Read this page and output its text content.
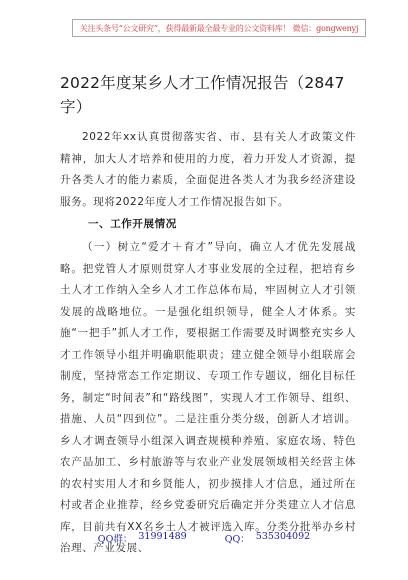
关注头条号“公文研究”，获得最新最全最专业的公文资料库！ 微信：gongwenyj
2022年度某乡人才工作情况报告（2847字）

2022年xx认真贯彻落实省、市、县有关人才政策文件精神，加大人才培养和使用的力度，着力开发人才资源，提升各类人才的能力素质，全面促进各类人才为我乡经济建设服务。现将2022年度人才工作情况报告如下。

一、工作开展情况

（一）树立“爱才＋育才”导向，确立人才优先发展战略。把党管人才原则贯穿人才事业发展的全过程，把培育乡土人才工作纳入全乡人才工作总体布局，牢固树立人才引领发展的战略地位。一是强化组织领导，健全人才体系。实施“一把手”抓人才工作，要根据工作需要及时调整充实乡人才工作领导小组并明确职能职责；建立健全领导小组联席会制度，坚持常态工作定期议、专项工作专题议，细化目标任务，制定“时间表”和“路线图”，实现人才工作领导、组织、措施、人员“四到位”。二是注重分类分级，创新人才培训。乡人才调查领导小组深入调查规模种养殖、家庭农场、特色农产品加工、乡村旅游等与农业产业发展领域相关经营主体的农村实用人才和乡贤能人，初步摸排人才信息，通过所在村或者企业推荐，经乡党委研究后确定并分类建立人才信息库，目前共有XX名乡土人才被评选入库。分类分批举办乡村治理、产业发展、

QQ群： 31991489	QQ： 535304092
